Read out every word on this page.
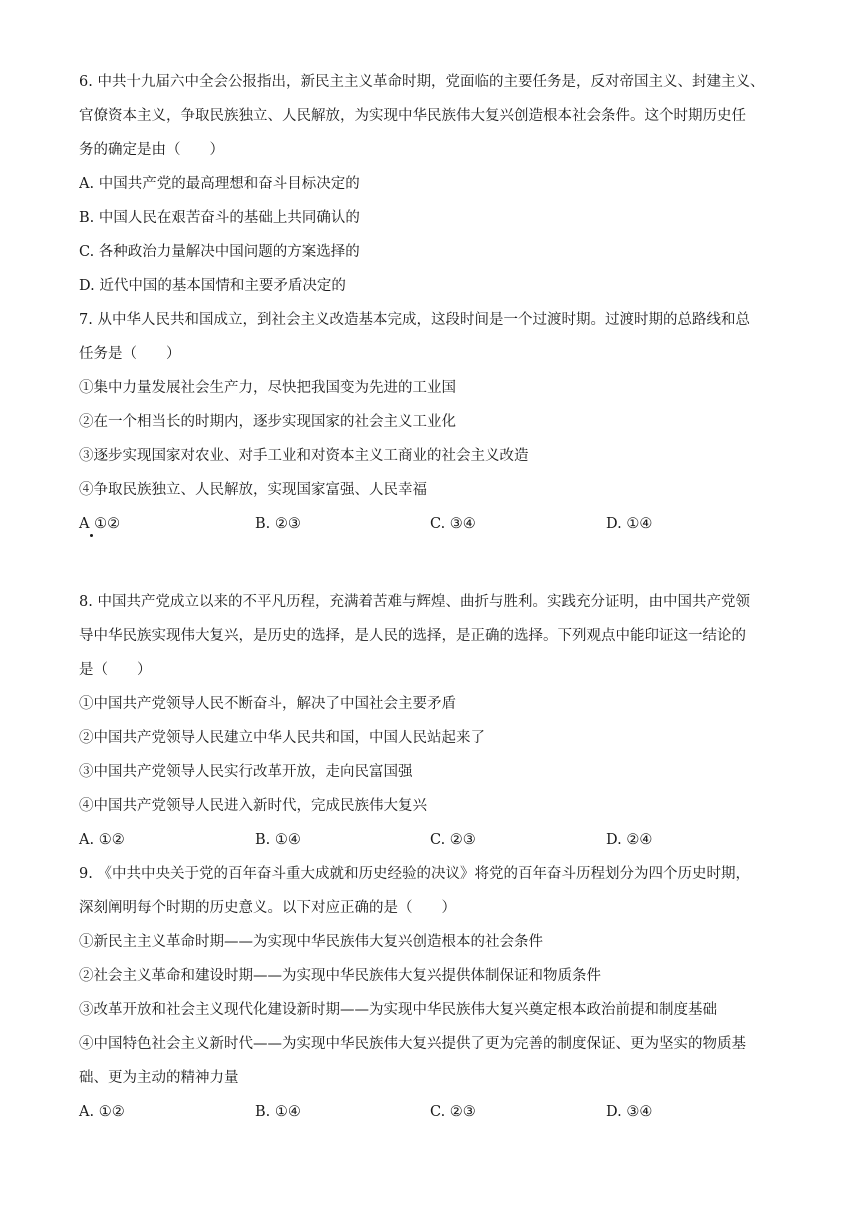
6. 中共十九届六中全会公报指出，新民主主义革命时期，党面临的主要任务是，反对帝国主义、封建主义、
官僚资本主义，争取民族独立、人民解放，为实现中华民族伟大复兴创造根本社会条件。这个时期历史任
务的确定是由（　　）
A. 中国共产党的最高理想和奋斗目标决定的
B. 中国人民在艰苦奋斗的基础上共同确认的
C. 各种政治力量解决中国问题的方案选择的
D. 近代中国的基本国情和主要矛盾决定的
7. 从中华人民共和国成立，到社会主义改造基本完成，这段时间是一个过渡时期。过渡时期的总路线和总
任务是（　　）
①集中力量发展社会生产力，尽快把我国变为先进的工业国
②在一个相当长的时期内，逐步实现国家的社会主义工业化
③逐步实现国家对农业、对手工业和对资本主义工商业的社会主义改造
④争取民族独立、人民解放，实现国家富强、人民幸福
A ①②	B. ②③	C. ③④	D. ①④
8. 中国共产党成立以来的不平凡历程，充满着苦难与辉煌、曲折与胜利。实践充分证明，由中国共产党领
导中华民族实现伟大复兴，是历史的选择，是人民的选择，是正确的选择。下列观点中能印证这一结论的
是（　　）
①中国共产党领导人民不断奋斗，解决了中国社会主要矛盾
②中国共产党领导人民建立中华人民共和国，中国人民站起来了
③中国共产党领导人民实行改革开放，走向民富国强
④中国共产党领导人民进入新时代，完成民族伟大复兴
A. ①②	B. ①④	C. ②③	D. ②④
9. 《中共中央关于党的百年奋斗重大成就和历史经验的决议》将党的百年奋斗历程划分为四个历史时期，
深刻阐明每个时期的历史意义。以下对应正确的是（　　）
①新民主主义革命时期——为实现中华民族伟大复兴创造根本的社会条件
②社会主义革命和建设时期——为实现中华民族伟大复兴提供体制保证和物质条件
③改革开放和社会主义现代化建设新时期——为实现中华民族伟大复兴奠定根本政治前提和制度基础
④中国特色社会主义新时代——为实现中华民族伟大复兴提供了更为完善的制度保证、更为坚实的物质基
础、更为主动的精神力量
A. ①②	B. ①④	C. ②③	D. ③④
